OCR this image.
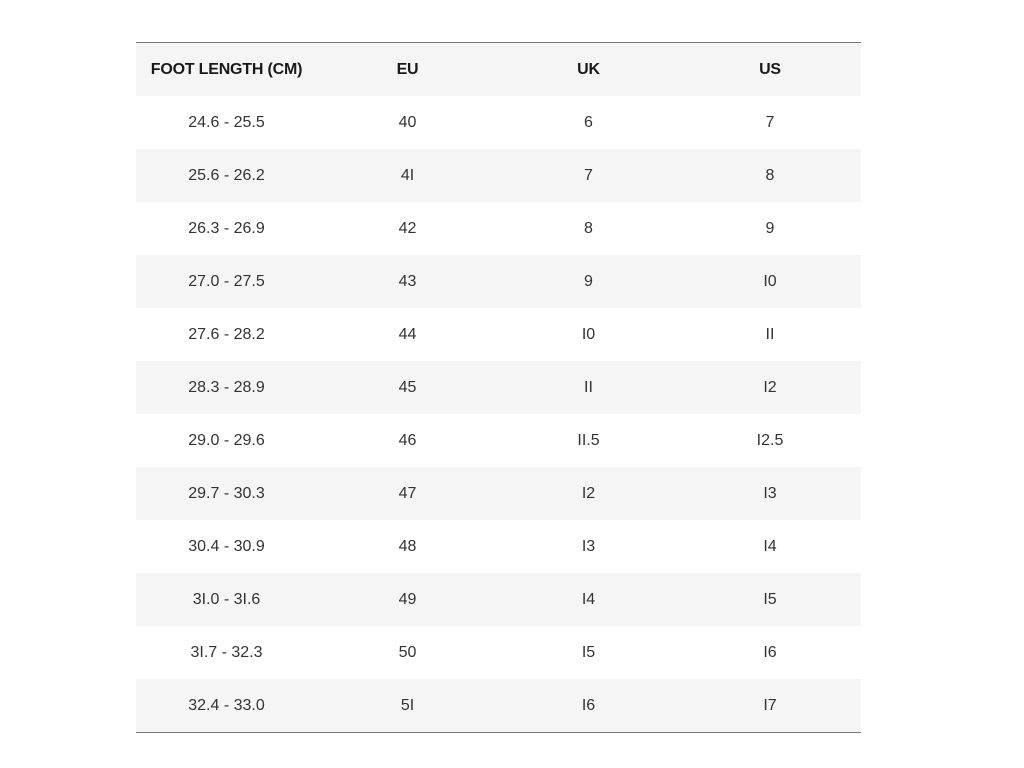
FOOT LENGTH (CM)	EU	UK	US
24.6 - 25.5	40	6	7
25.6 - 26.2	4I	7	8
26.3 - 26.9	42	8	9
27.0 - 27.5	43	9	I0
27.6 - 28.2	44	I0	II
28.3 - 28.9	45	II	I2
29.0 - 29.6	46	II.5	I2.5
29.7 - 30.3	47	I2	I3
30.4 - 30.9	48	I3	I4
3I.0 - 3I.6	49	I4	I5
3I.7 - 32.3	50	I5	I6
32.4 - 33.0	5I	I6	I7
